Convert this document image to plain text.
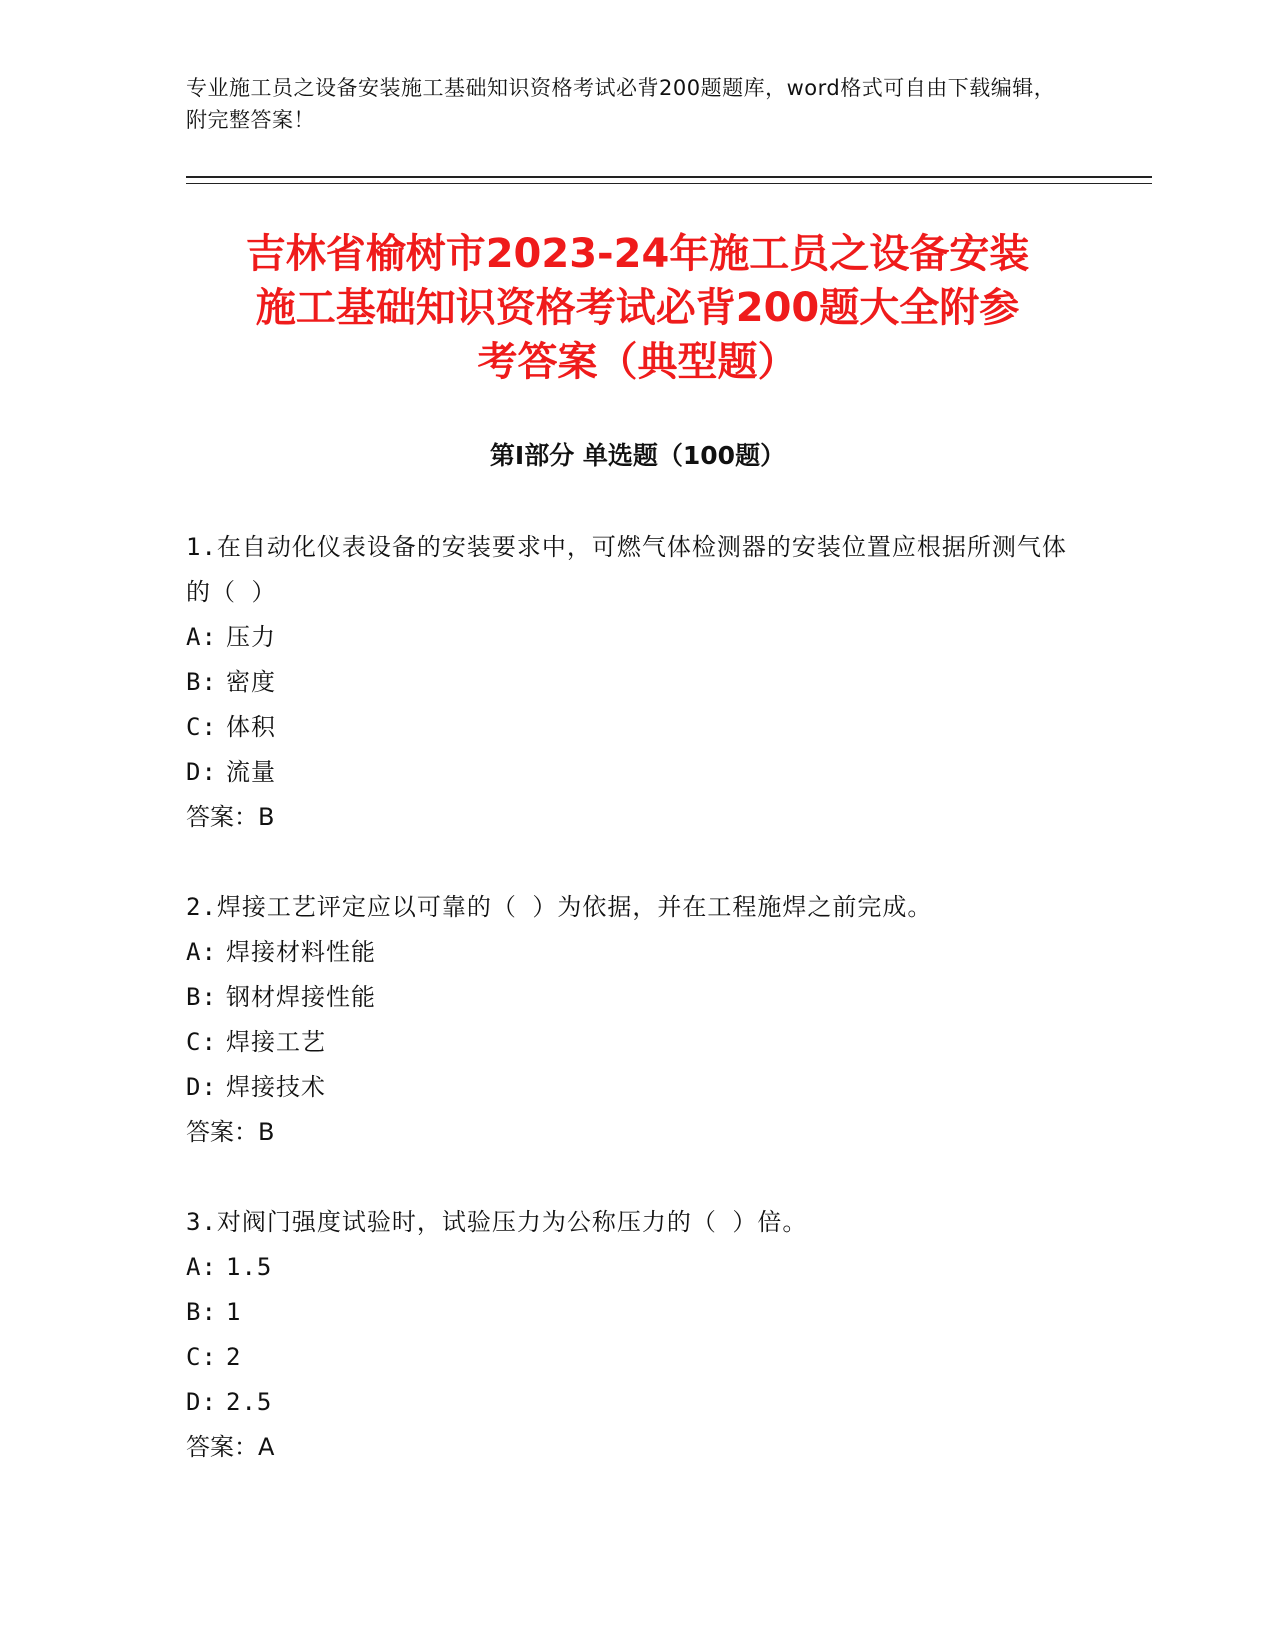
专业施工员之设备安装施工基础知识资格考试必背200题题库，word格式可自由下载编辑，附完整答案！
吉林省榆树市2023-24年施工员之设备安装
施工基础知识资格考试必背200题大全附参
考答案（典型题）
第I部分 单选题（100题）
1.在自动化仪表设备的安装要求中，可燃气体检测器的安装位置应根据所测气体的（ ）
A: 压力
B: 密度
C: 体积
D: 流量
答案：B
2.焊接工艺评定应以可靠的（ ）为依据，并在工程施焊之前完成。
A: 焊接材料性能
B: 钢材焊接性能
C: 焊接工艺
D: 焊接技术
答案：B
3.对阀门强度试验时，试验压力为公称压力的（ ）倍。
A: 1.5
B: 1
C: 2
D: 2.5
答案：A
